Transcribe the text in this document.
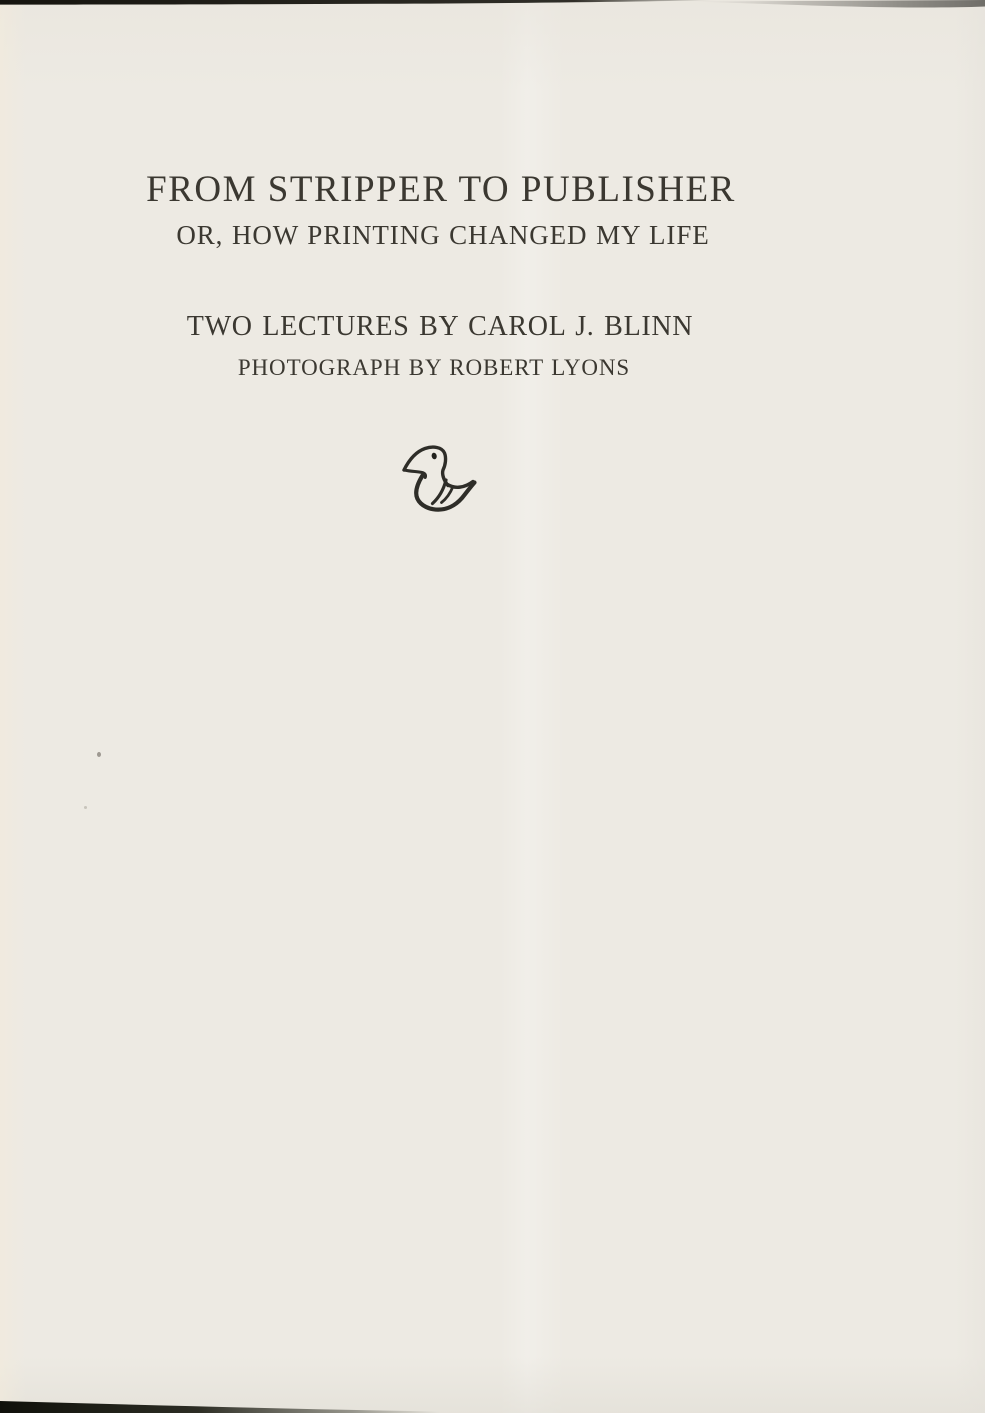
FROM STRIPPER TO PUBLISHER
OR, HOW PRINTING CHANGED MY LIFE
TWO LECTURES BY CAROL J. BLINN
PHOTOGRAPH BY ROBERT LYONS
